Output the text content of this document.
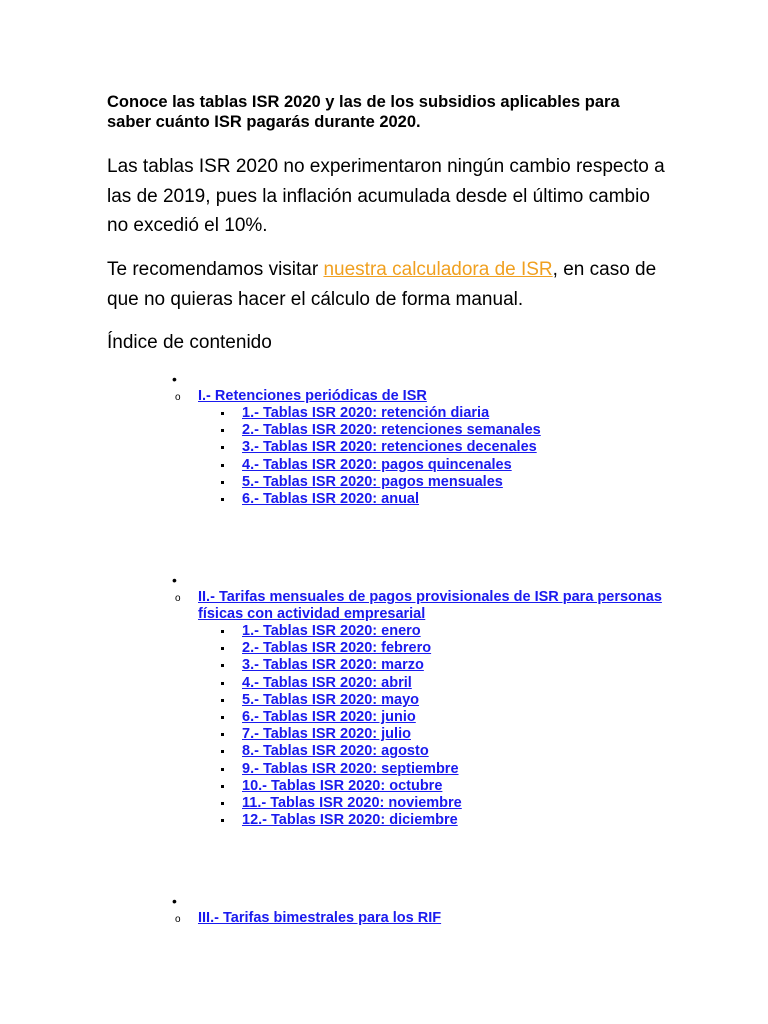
Conoce las tablas ISR 2020 y las de los subsidios aplicables para saber cuánto ISR pagarás durante 2020.
Las tablas ISR 2020 no experimentaron ningún cambio respecto a las de 2019, pues la inflación acumulada desde el último cambio no excedió el 10%.
Te recomendamos visitar nuestra calculadora de ISR, en caso de que no quieras hacer el cálculo de forma manual.
Índice de contenido
•
o I.- Retenciones periódicas de ISR
1.- Tablas ISR 2020: retención diaria
2.- Tablas ISR 2020: retenciones semanales
3.- Tablas ISR 2020: retenciones decenales
4.- Tablas ISR 2020: pagos quincenales
5.- Tablas ISR 2020: pagos mensuales
6.- Tablas ISR 2020: anual
•
o II.- Tarifas mensuales de pagos provisionales de ISR para personas físicas con actividad empresarial
1.- Tablas ISR 2020: enero
2.- Tablas ISR 2020: febrero
3.- Tablas ISR 2020: marzo
4.- Tablas ISR 2020: abril
5.- Tablas ISR 2020: mayo
6.- Tablas ISR 2020: junio
7.- Tablas ISR 2020: julio
8.- Tablas ISR 2020: agosto
9.- Tablas ISR 2020: septiembre
10.- Tablas ISR 2020: octubre
11.- Tablas ISR 2020: noviembre
12.- Tablas ISR 2020: diciembre
•
o III.- Tarifas bimestrales para los RIF
